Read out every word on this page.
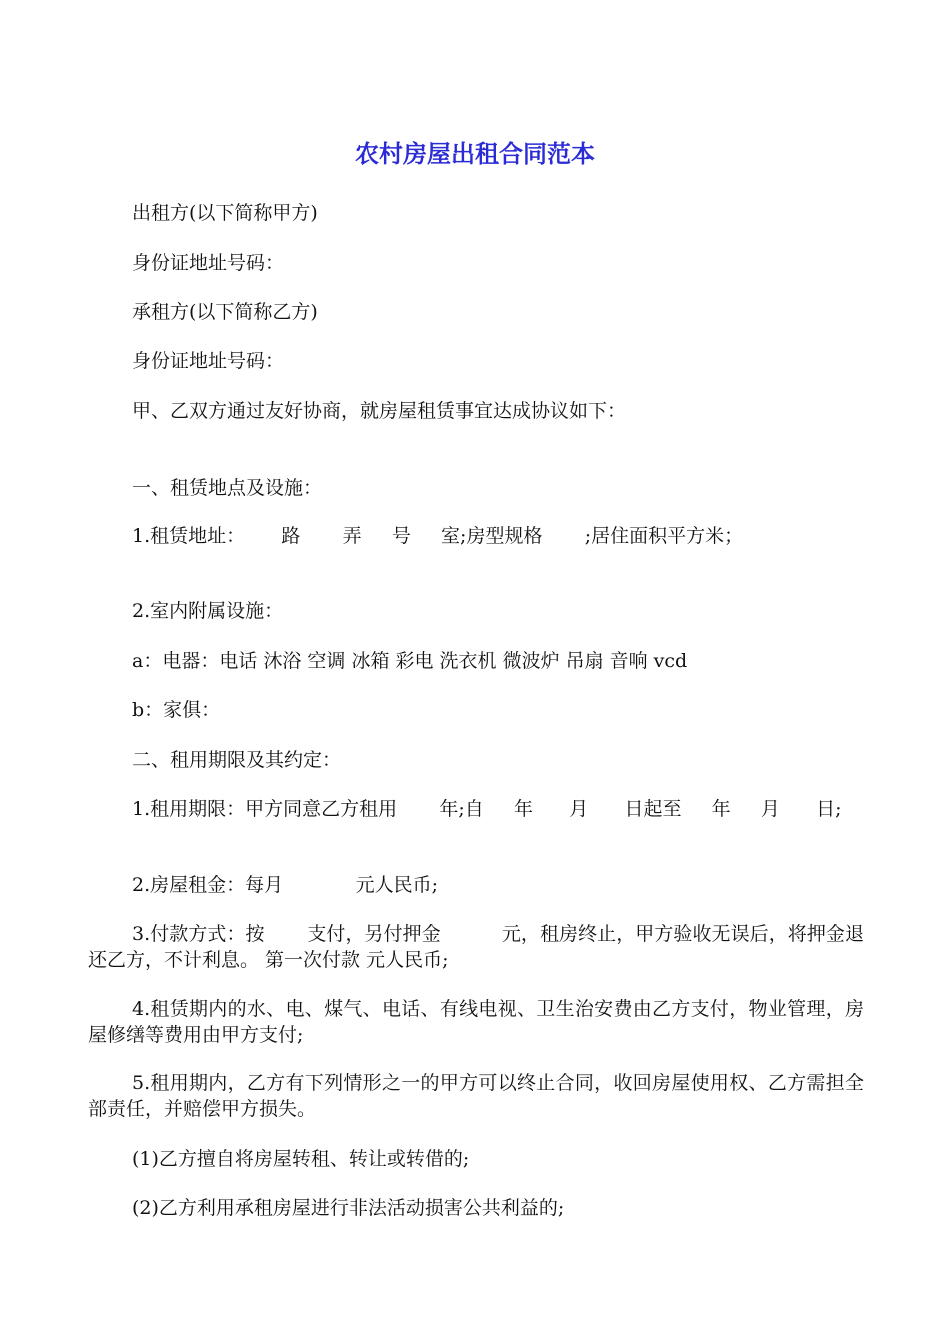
农村房屋出租合同范本
出租方(以下简称甲方)
身份证地址号码：
承租方(以下简称乙方)
身份证地址号码：
甲、乙双方通过友好协商，就房屋租赁事宜达成协议如下：
一、租赁地点及设施：
1.租赁地址：      路       弄     号     室;房型规格       ;居住面积平方米；
2.室内附属设施：
a：电器：电话 沐浴 空调 冰箱 彩电 洗衣机 微波炉 吊扇 音响 vcd
b：家俱：
二、租用期限及其约定：
1.租用期限：甲方同意乙方租用       年;自     年      月      日起至     年     月      日;
2.房屋租金：每月            元人民币;
3.付款方式：按       支付，另付押金          元，租房终止，甲方验收无误后，将押金退还乙方，不计利息。 第一次付款 元人民币;
4.租赁期内的水、电、煤气、电话、有线电视、卫生治安费由乙方支付，物业管理，房屋修缮等费用由甲方支付;
5.租用期内，乙方有下列情形之一的甲方可以终止合同，收回房屋使用权、乙方需担全部责任，并赔偿甲方损失。
(1)乙方擅自将房屋转租、转让或转借的;
(2)乙方利用承租房屋进行非法活动损害公共利益的;
